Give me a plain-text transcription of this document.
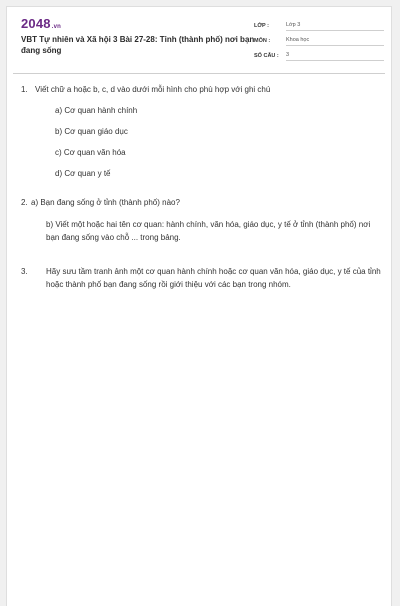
2048.vn
VBT Tự nhiên và Xã hội 3 Bài 27-28: Tỉnh (thành phố) nơi bạn đang sống
LỚP :	Lớp 3
MÔN :	Khoa học
SỐ CÂU :	3
1. Viết chữ a hoặc b, c, d vào dưới mỗi hình cho phù hợp với ghi chú
a) Cơ quan hành chính
b) Cơ quan giáo dục
c) Cơ quan văn hóa
d) Cơ quan y tế
2. a) Bạn đang sống ở tỉnh (thành phố) nào?
b) Viết một hoặc hai tên cơ quan: hành chính, văn hóa, giáo dục, y tế ở tỉnh (thành phố) nơi bạn đang sống vào chỗ ... trong bảng.
3.	Hãy sưu tầm tranh ảnh một cơ quan hành chính hoặc cơ quan văn hóa, giáo dục, y tế của tỉnh hoặc thành phố bạn đang sống rồi giới thiệu với các bạn trong nhóm.
